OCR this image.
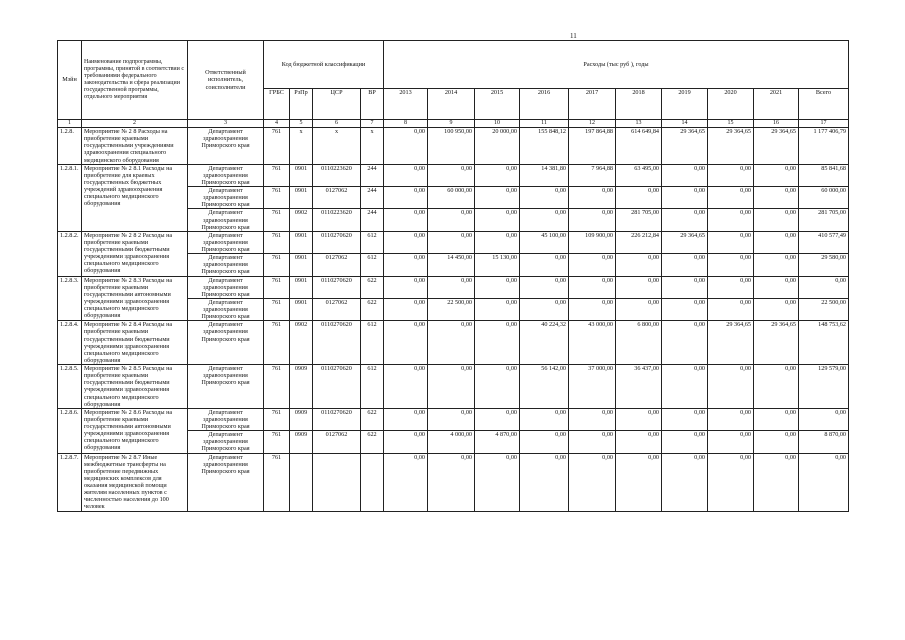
11
Мзйн	Наименование подпрограммы, программы, принятой в соответствии с требованиями федерального законодательства и сфера реализации государственной программы, отдельного мероприятия	Ответственный исполнитель, соисполнители	Код бюджетной классификации				Расходы (тыс руб ), годы									
			ГРБС	РзПр	ЦСР	ВР	2013	2014	2015	2016	2017	2018	2019	2020	2021	Всего
1	2	3	4	5	6	7	8	9	10	11	12	13	14	15	16	17
1.2.8.	Мероприятие № 2 8 Расходы на приобретение краевыми государственными учреждениями здравоохранения специального медицинского оборудования	Департамент здравоохранения Приморского края	761	x	x	x	0,00	100 950,00	20 000,00	155 848,12	197 864,88	614 649,84	29 364,65	29 364,65	29 364,65	1 177 406,79
1.2.8.1.	Мероприятие № 2 8.1 Расходы на приобретение для краевых государственных бюджетных учреждений здравоохранения специального медицинского оборудования	Департамент здравоохранения Приморского края	761	0901	0110223620	244	0,00	0,00	0,00	14 381,80	7 964,88	63 495,00	0,00	0,00	0,00	85 841,68
		Департамент здравоохранения Приморского края	761	0901	0127062	244	0,00	60 000,00	0,00	0,00	0,00	0,00	0,00	0,00	0,00	60 000,00
		Департамент здравоохранения Приморского края	761	0902	0110223620	244	0,00	0,00	0,00	0,00	0,00	281 705,00	0,00	0,00	0,00	281 705,00
1.2.8.2.	Мероприятие № 2 8 2 Расходы на приобретение краевыми государственными бюджетными учреждениями здравоохранения специального медицинского оборудования	Департамент здравоохранения Приморского края	761	0901	0110270620	612	0,00	0,00	0,00	45 100,00	109 900,00	226 212,84	29 364,65	0,00	0,00	410 577,49
		Департамент здравоохранения Приморского края	761	0901	0127062	612	0,00	14 450,00	15 130,00	0,00	0,00	0,00	0,00	0,00	0,00	29 580,00
1.2.8.3.	Мероприятие № 2 8.3 Расходы на приобретение краевыми государственными автономными учреждениями здравоохранения специального медицинского оборудования	Департамент здравоохранения Приморского края	761	0901	0110270620	622	0,00	0,00	0,00	0,00	0,00	0,00	0,00	0,00	0,00	0,00
		Департамент здравоохранения Приморского края	761	0901	0127062	622	0,00	22 500,00	0,00	0,00	0,00	0,00	0,00	0,00	0,00	22 500,00
1.2.8.4.	Мероприятие № 2 8.4 Расходы на приобретение краевыми государственными бюджетными учреждениями здравоохранения специального медицинского оборудования	Департамент здравоохранения Приморского края	761	0902	0110270620	612	0,00	0,00	0,00	40 224,32	43 000,00	6 800,00	0,00	29 364,65	29 364,65	148 753,62
1.2.8.5.	Мероприятие № 2 8.5 Расходы на приобретение краевыми государственными бюджетными учреждениями здравоохранения специального медицинского оборудования	Департамент здравоохранения Приморского края	761	0909	0110270620	612	0,00	0,00	0,00	56 142,00	37 000,00	36 437,00	0,00	0,00	0,00	129 579,00
1.2.8.6.	Мероприятие № 2 8.6 Расходы на приобретение краевыми государственными автономными учреждениями здравоохранения специального медицинского оборудования	Департамент здравоохранения Приморского края	761	0909	0110270620	622	0,00	0,00	0,00	0,00	0,00	0,00	0,00	0,00	0,00	0,00
		Департамент здравоохранения Приморского края	761	0909	0127062	622	0,00	4 000,00	4 870,00	0,00	0,00	0,00	0,00	0,00	0,00	8 870,00
1.2.8.7.	Мероприятие № 2 8.7 Иные межбюджетные трансферты на приобретение передвижных медицинских комплексов для оказания медицинской помощи жителям населенных пунктов с численностью населения до 100 человек	Департамент здравоохранения Приморского края	761				0,00	0,00	0,00	0,00	0,00	0,00	0,00	0,00	0,00	0,00
